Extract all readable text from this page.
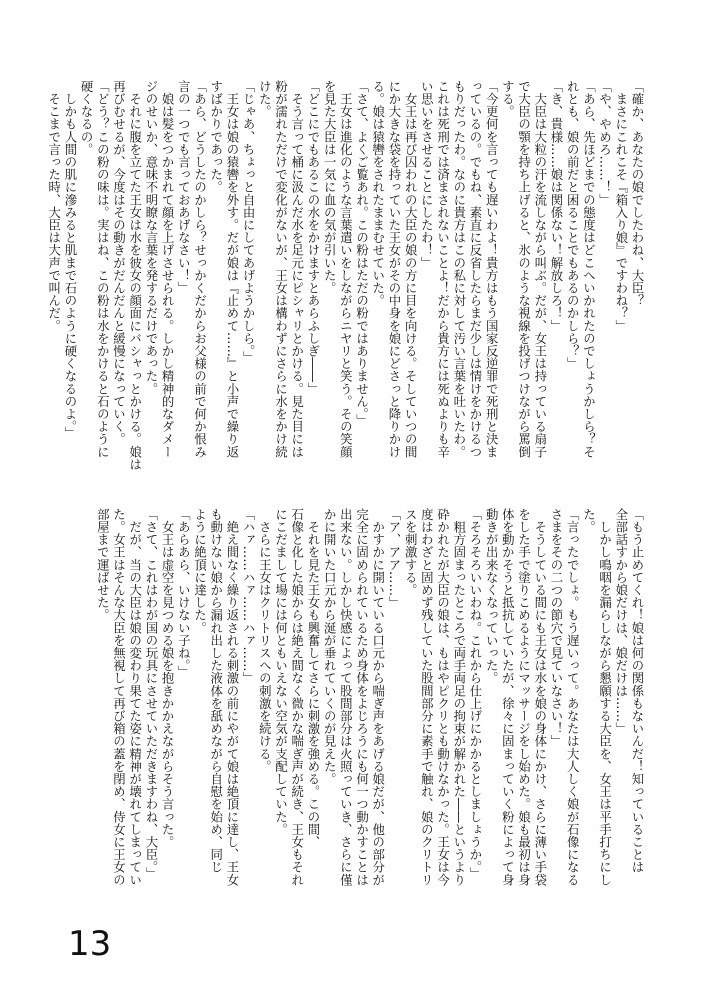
「確か、あなたの娘でしたわね、大臣？

　まさにこれこそ『箱入り娘』ですわね？」

「や、やめろ……！」

「あら、先ほどまでの態度はどこへいかれたのでしょうかしら？そ

れとも、娘の前だと困ることでもあるのかしら？」

「き、貴様……娘は関係ない！解放しろ！」

　大臣は大粒の汗を流しながら叫ぶ。だが、女王は持っている扇子

で大臣の顎を持ち上げると、氷のような視線を投げつけながら罵倒

する。

「今更何を言っても遅いわよ！貴方はもう国家反逆罪で死刑と決ま

っているの。でもね、素直に反省したらまだ少しは情けをかけるつ

もりだったわ。なのに貴方はこの私に対して汚い言葉を吐いたわ。

これは死刑では済まされないことよ！だから貴方には死ぬよりも辛

い思いをさせることにしたわ！」

　女王は再び囚われの大臣の娘の方に目を向ける。そしていつの間

にか大きな袋を持っていた王女がその中身を娘にどさっと降りかけ

る。娘は猿轡をされたままむせていた。

「さて、よくご覧あれ。この粉はただの粉ではありません。」

　王女は進化のような言葉遣いをしながらニヤリと笑う。その笑顔

を見た大臣は一気に血の気が引いた。

「どこにでもあるこの水をかけますとあらふしぎ――」

　そう言って桶に汲んだ水を足元にピシャリとかける。見た目には

粉が濡れただけで変化がないが、王女は構わずにさらに水をかけ続

けた。

「じゃあ、ちょっと自由にしてあげようかしら。」

　王女は娘の猿轡を外す。だが娘は『止めて……』と小声で繰り返

すばかりであった。

「あら、どうしたのかしら？せっかくだからお父様の前で何か恨み

言の一つでも言っておあげなさい！」

　娘は髪をつかまれて顔を上げさせられる。しかし精神的なダメー

ジのせいか、意味不明瞭な言葉を発するだけであった。

　それに腹を立てた王女は水を彼女の顔面にバシャっとかける。娘は

再びむせるが、今度はその動きがだんだんと緩慢になっていく。

「どう？この粉の味は。実はね、この粉は水をかけると石のように

硬くなるの。

　しかも人間の肌に滲みると肌まで石のように硬くなるのよ。」

　そこまで言った時、大臣は大声で叫んだ。

「もう止めてくれ！娘は何の関係もないんだ！知っていることは

全部話すから娘だけは、娘だけは……」

　しかし鳴咽を漏らしながら懇願する大臣を、女王は平手打ちにし

た。

「言ったでしょ。もう遅いって。あなたは大人しく娘が石像になる

さまをその二つの節穴で見ていなさい！」

　そうしている間にも王女は水を娘の身体にかけ、さらに薄い手袋

をした手で塗りこめるようにマッサージをし始めた。娘も最初は身

体を動かそうと抵抗していたが、徐々に固まっていく粉によって身

動きが出来なくなっていった。

「そろそろいいわね。これから仕上げにかかるとしましょうか。」

　粗方固まったところで両手両足の拘束が解かれた――というより

砕かれたが大臣の娘は、もはやピクリとも動けなかった。王女は今

度はわざと固めず残していた股間部分に素手で触れ、娘のクリトリ

スを刺激する。

「ア、アア……」

　かすかに開いている口元から喘ぎ声をあげる娘だが、他の部分が

完全に固められているため身体をよじろうにも何一つ動かすことは

出来ない。しかし快感によって股間部分は火照っていき、さらに僅

かに開いた口元から涎が垂れていくのが見えた。

　それを見た王女も興奮してさらに刺激を強める。この間、

石像と化した娘からは絶え間なく微かな喘ぎ声が続き、王女もそれ

にこだまして場には何ともいえない空気が支配していた。

　さらに王女はクリトリスへの刺激を続ける。

「ハァ……ハァ……ハァ……」

　絶え間なく繰り返される刺激の前にやがて娘は絶頂に達し、王女

も動けない娘から漏れ出した液体を舐めながら自慰を始め、同じ

ように絶頂に達した。

「あらあら、いけない子ね。」

　女王は虚空を見つめる娘を抱きかかえながらそう言った。

「さて、これはわが国の玩具にさせていただきますわね、大臣。」

　だが、当の大臣は娘の変わり果てた姿に精神が壊れてしまってい

た。女王はそんな大臣を無視して再び箱の蓋を閉め、侍女に王女の

部屋まで運ばせた。

13
